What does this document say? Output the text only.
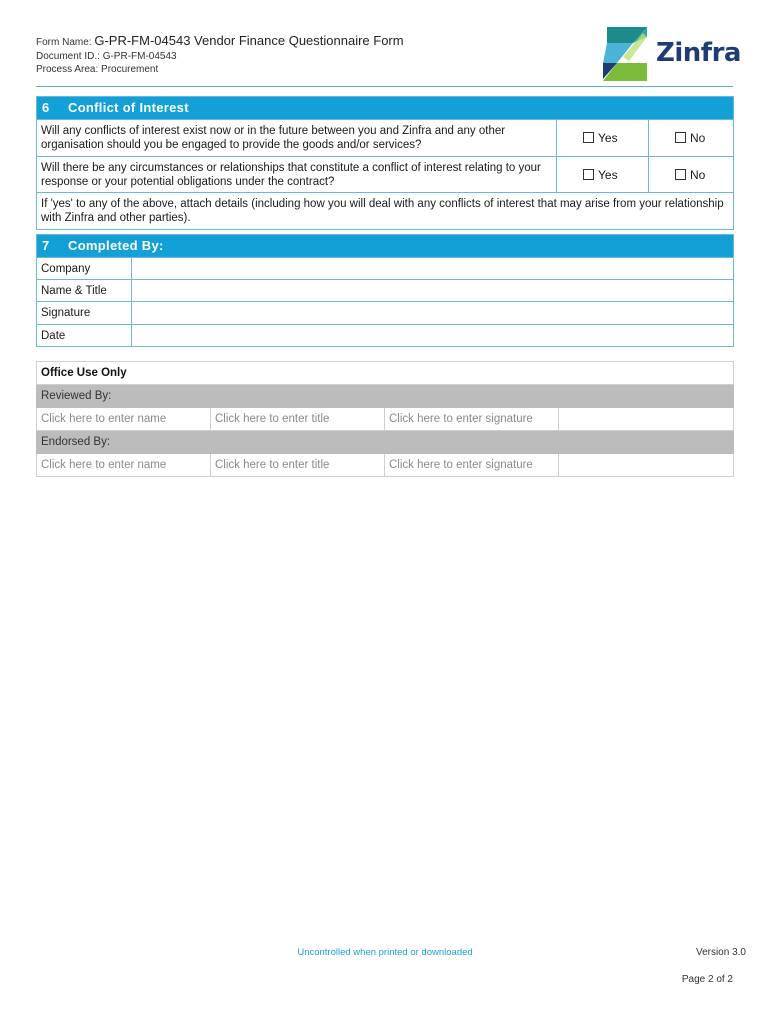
Form Name: G-PR-FM-04543 Vendor Finance Questionnaire Form
Document ID.: G-PR-FM-04543
Process Area: Procurement
Zinfra
6 Conflict of Interest		
Will any conflicts of interest exist now or in the future between you and Zinfra and any other organisation should you be engaged to provide the goods and/or services?	Yes	No
Will there be any circumstances or relationships that constitute a conflict of interest relating to your response or your potential obligations under the contract?	Yes	No
If 'yes' to any of the above, attach details (including how you will deal with any conflicts of interest that may arise from your relationship with Zinfra and other parties).		
7 Completed By:	
Company	
Name & Title	
Signature	
Date	
Office Use Only			
Reviewed By:			
Click here to enter name	Click here to enter title	Click here to enter signature	
Endorsed By:			
Click here to enter name	Click here to enter title	Click here to enter signature	
Uncontrolled when printed or downloaded	Version 3.0
Page 2 of 2
